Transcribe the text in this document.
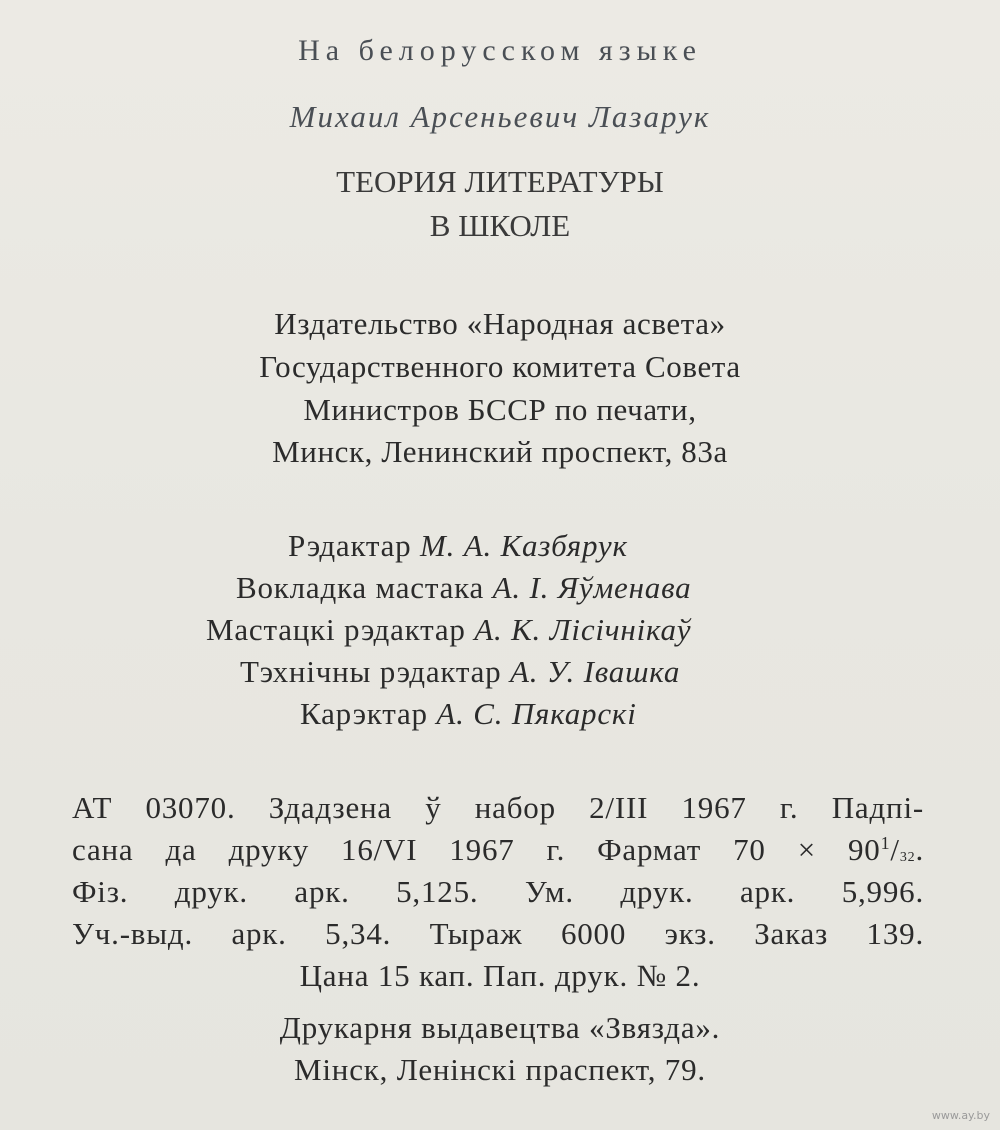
На белорусском языке
Михаил Арсеньевич Лазарук
ТЕОРИЯ ЛИТЕРАТУРЫ
В ШКОЛЕ
Издательство «Народная асвета»
Государственного комитета Совета
Министров БССР по печати,
Минск, Ленинский проспект, 83а
Рэдактар М. А. Казбярук
Вокладка мастака А. І. Яўменава
Мастацкі рэдактар А. К. Лісічнікаў
Тэхнічны рэдактар А. У. Івашка
Карэктар А. С. Пякарскі
АТ 03070. Здадзена ў набор 2/III 1967 г. Падпі-
сана да друку 16/VI 1967 г. Фармат $70 \times 90^1/_{32}$.
Фіз. друк. арк. 5,125. Ум. друк. арк. 5,996.
Уч.-выд. арк. 5,34. Тыраж 6000 экз. Заказ 139.
Цана 15 кап. Пап. друк. № 2.
Друкарня выдавецтва «Звязда».
Мінск, Ленінскі праспект, 79.
www.ay.by
